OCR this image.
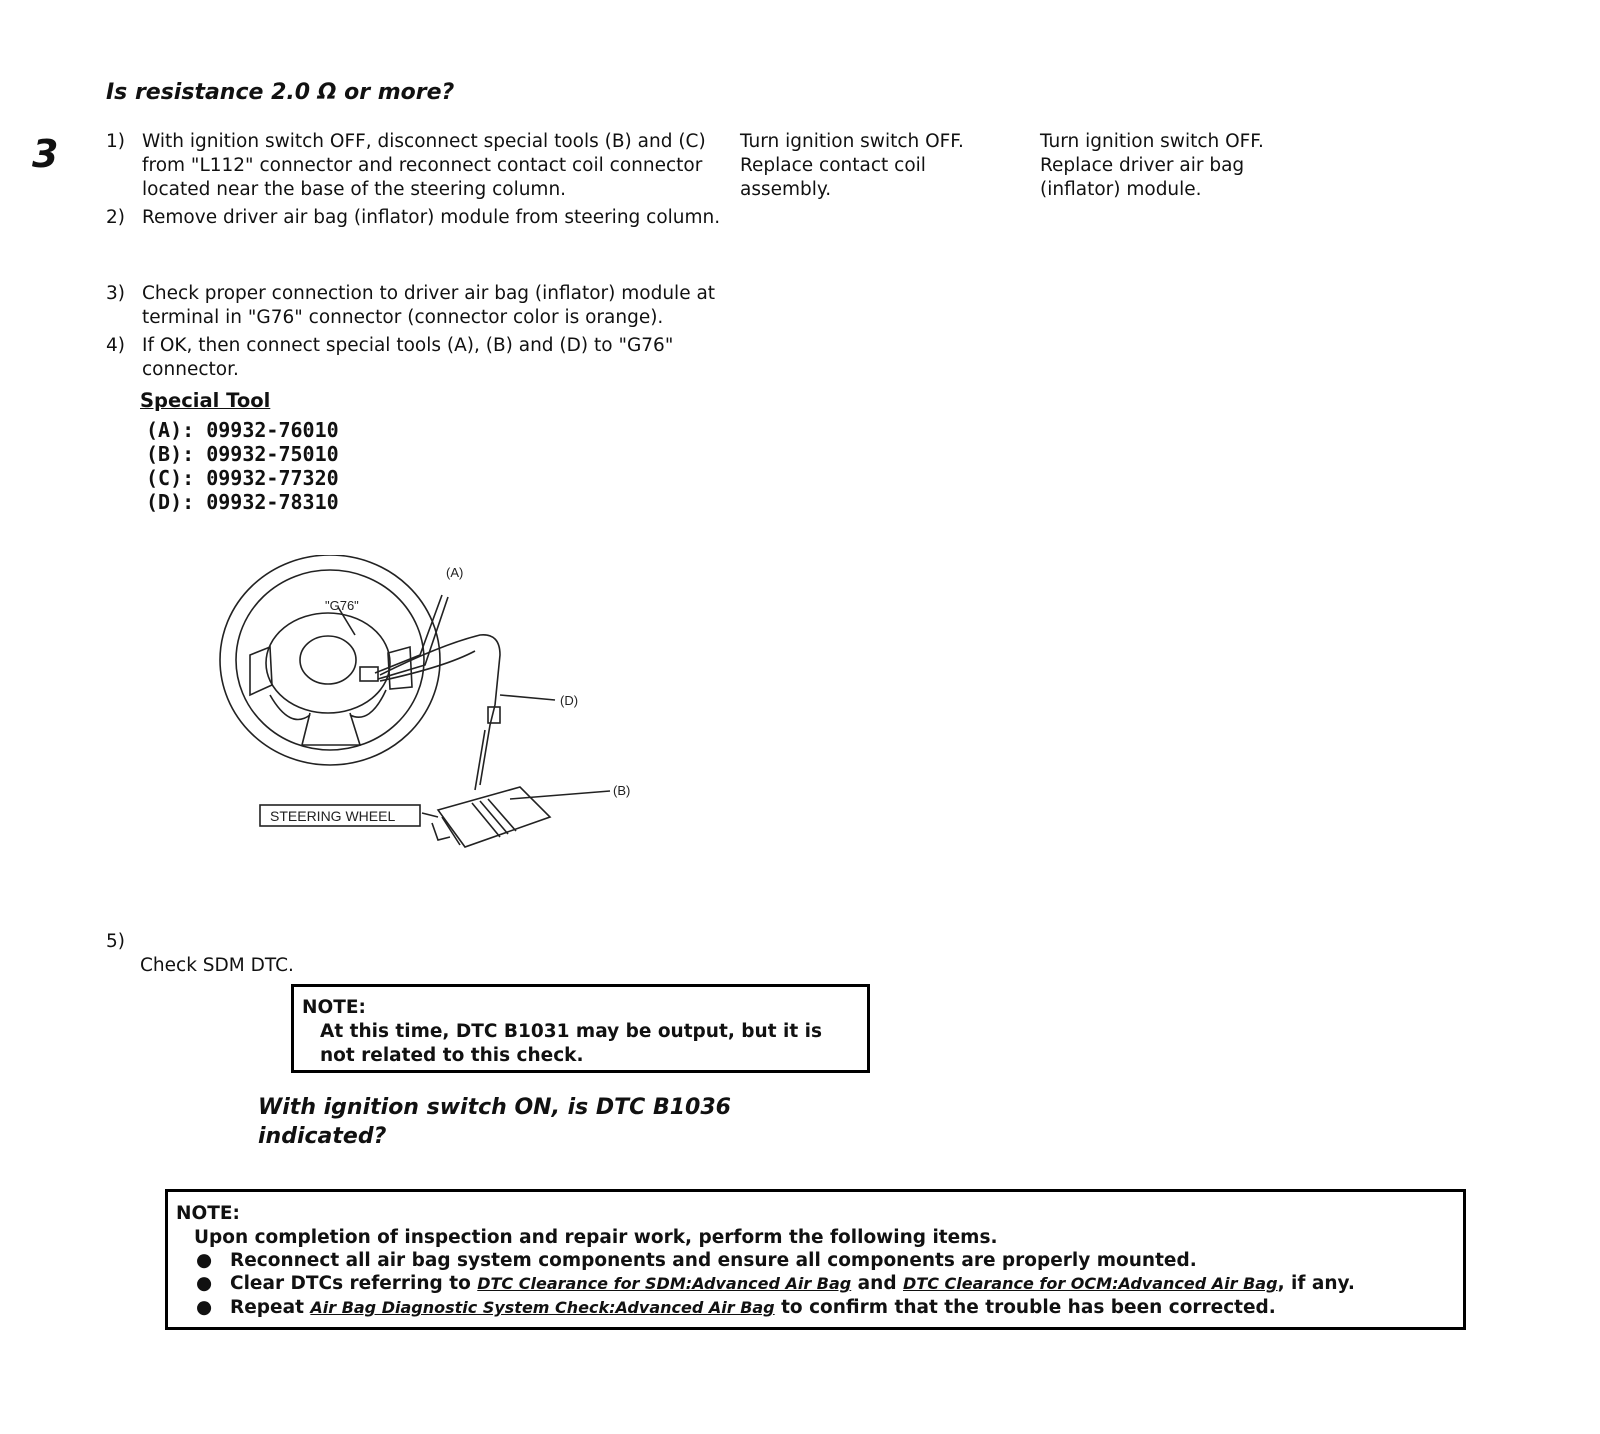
Is resistance 2.0 Ω or more?
3	1) With ignition switch OFF, disconnect special tools (B) and (C) from "L112" connector and reconnect contact coil connector located near the base of the steering column.
2) Remove driver air bag (inflator) module from steering column.
3) Check proper connection to driver air bag (inflator) module at terminal in "G76" connector (connector color is orange).
4) If OK, then connect special tools (A), (B) and (D) to "G76" connector.
Turn ignition switch OFF. Replace contact coil assembly.
Turn ignition switch OFF. Replace driver air bag (inflator) module.
Special Tool
(A): 09932-76010
(B): 09932-75010
(C): 09932-77320
(D): 09932-78310
STEERING WHEEL
(A)
"G76"
(D)
(B)
5)
Check SDM DTC.
NOTE:
At this time, DTC B1031 may be output, but it is not related to this check.
With ignition switch ON, is DTC B1036 indicated?
NOTE:
Upon completion of inspection and repair work, perform the following items.
● Reconnect all air bag system components and ensure all components are properly mounted.
● Clear DTCs referring to DTC Clearance for SDM:Advanced Air Bag and DTC Clearance for OCM:Advanced Air Bag, if any.
● Repeat Air Bag Diagnostic System Check:Advanced Air Bag to confirm that the trouble has been corrected.
